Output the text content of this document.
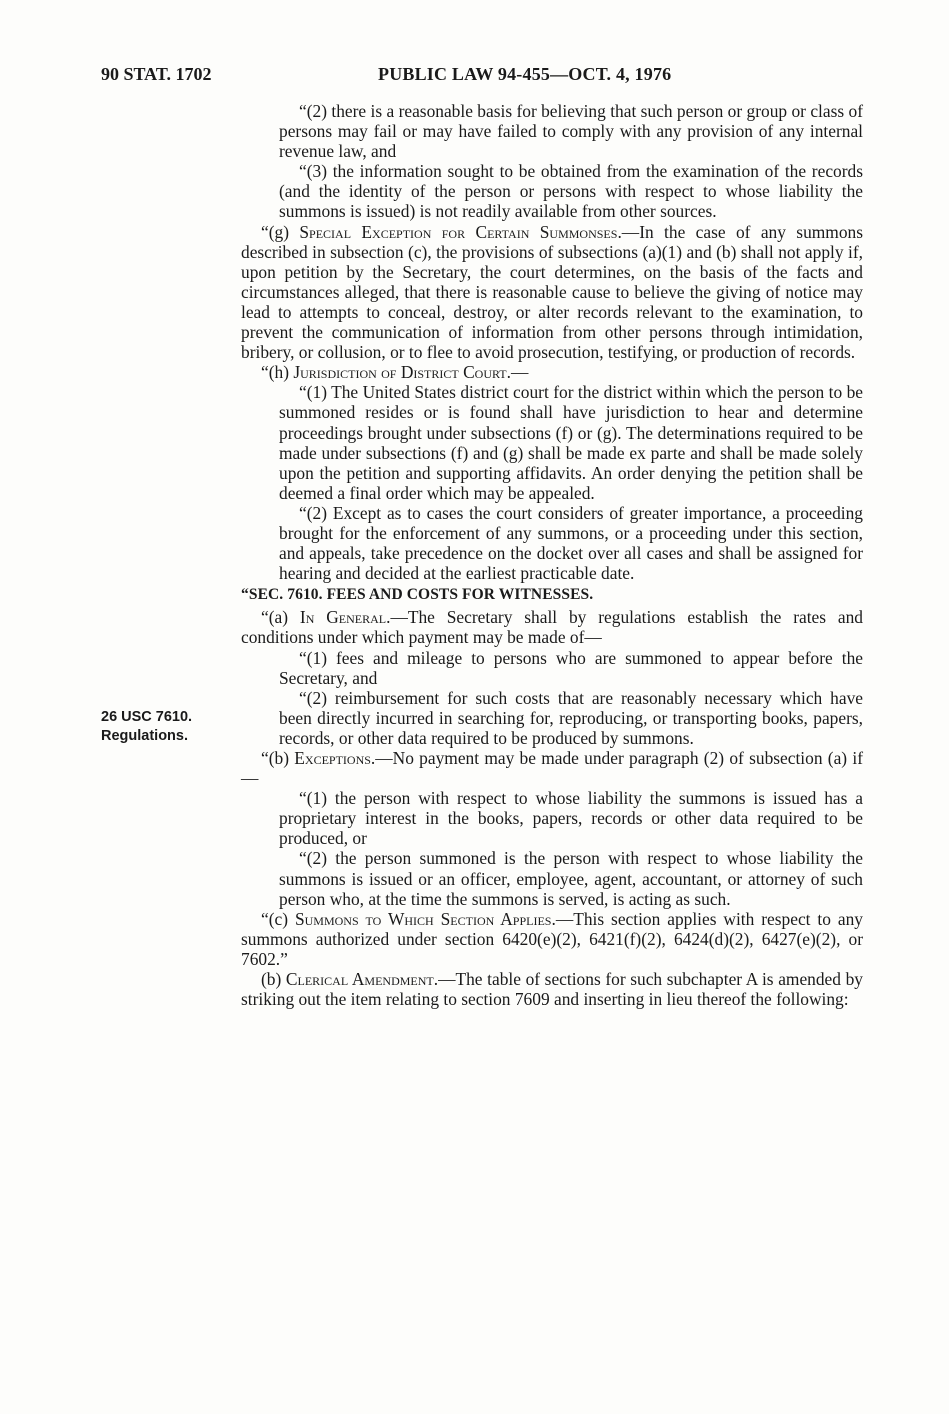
90 STAT. 1702	PUBLIC LAW 94-455—OCT. 4, 1976
26 USC 7610.
Regulations.

“(2) there is a reasonable basis for believing that such person or group or class of persons may fail or may have failed to comply with any provision of any internal revenue law, and

“(3) the information sought to be obtained from the examination of the records (and the identity of the person or persons with respect to whose liability the summons is issued) is not readily available from other sources.

“(g) Special Exception for Certain Summonses.—In the case of any summons described in subsection (c), the provisions of subsections (a)(1) and (b) shall not apply if, upon petition by the Secretary, the court determines, on the basis of the facts and circumstances alleged, that there is reasonable cause to believe the giving of notice may lead to attempts to conceal, destroy, or alter records relevant to the examination, to prevent the communication of information from other persons through intimidation, bribery, or collusion, or to flee to avoid prosecution, testifying, or production of records.

“(h) Jurisdiction of District Court.—

“(1) The United States district court for the district within which the person to be summoned resides or is found shall have jurisdiction to hear and determine proceedings brought under subsections (f) or (g). The determinations required to be made under subsections (f) and (g) shall be made ex parte and shall be made solely upon the petition and supporting affidavits. An order denying the petition shall be deemed a final order which may be appealed.

“(2) Except as to cases the court considers of greater importance, a proceeding brought for the enforcement of any summons, or a proceeding under this section, and appeals, take precedence on the docket over all cases and shall be assigned for hearing and decided at the earliest practicable date.

“SEC. 7610. FEES AND COSTS FOR WITNESSES.

“(a) In General.—The Secretary shall by regulations establish the rates and conditions under which payment may be made of—

“(1) fees and mileage to persons who are summoned to appear before the Secretary, and

“(2) reimbursement for such costs that are reasonably necessary which have been directly incurred in searching for, reproducing, or transporting books, papers, records, or other data required to be produced by summons.

“(b) Exceptions.—No payment may be made under paragraph (2) of subsection (a) if—

“(1) the person with respect to whose liability the summons is issued has a proprietary interest in the books, papers, records or other data required to be produced, or

“(2) the person summoned is the person with respect to whose liability the summons is issued or an officer, employee, agent, accountant, or attorney of such person who, at the time the summons is served, is acting as such.

“(c) Summons to Which Section Applies.—This section applies with respect to any summons authorized under section 6420(e)(2), 6421(f)(2), 6424(d)(2), 6427(e)(2), or 7602.”

(b) Clerical Amendment.—The table of sections for such subchapter A is amended by striking out the item relating to section 7609 and inserting in lieu thereof the following:
